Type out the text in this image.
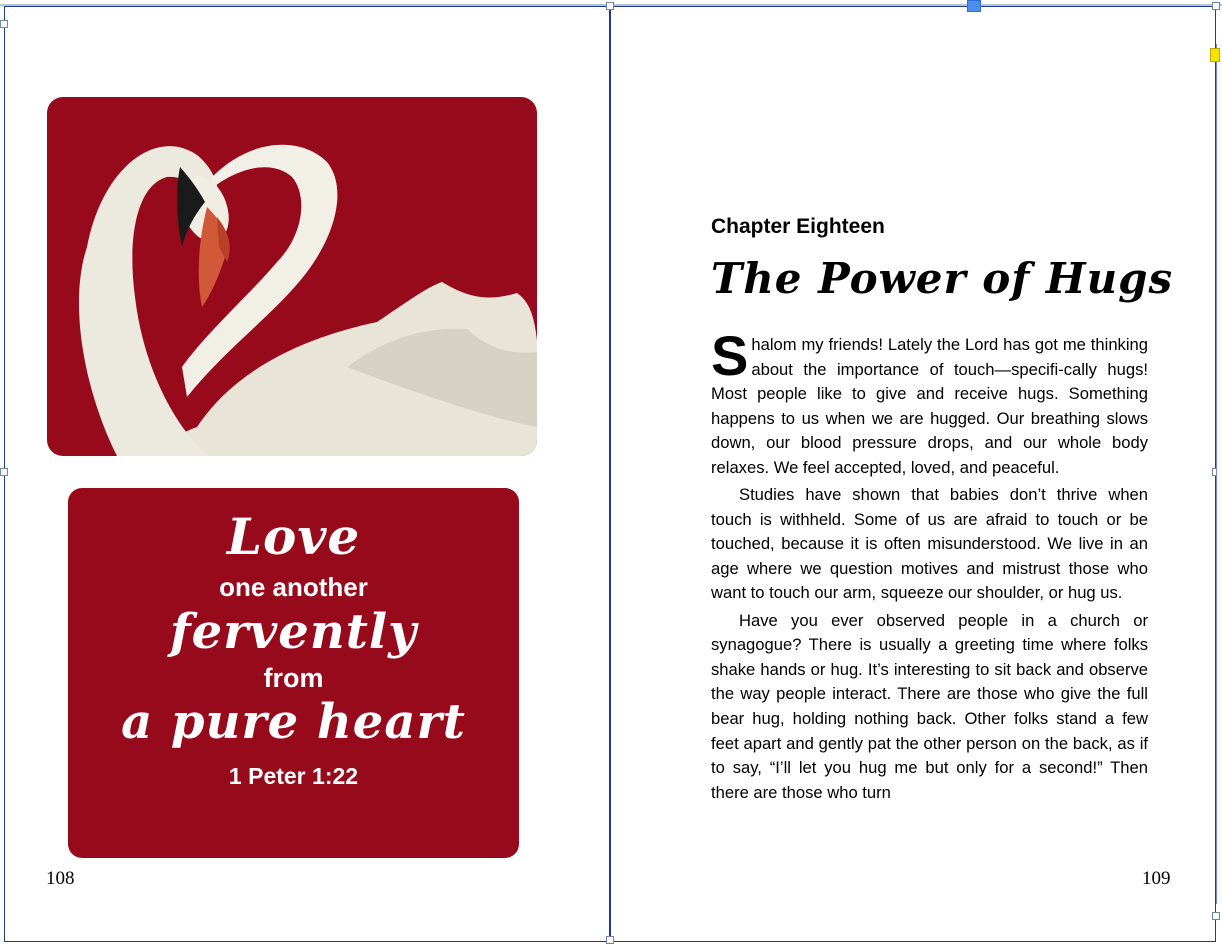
Love
one another
fervently
from
a pure heart
1 Peter 1:22
108
Chapter Eighteen
The Power of Hugs

Shalom my friends! Lately the Lord has got me thinking about the importance of touch—specifi-cally hugs! Most people like to give and receive hugs. Something happens to us when we are hugged. Our breathing slows down, our blood pressure drops, and our whole body relaxes. We feel accepted, loved, and peaceful.

Studies have shown that babies don’t thrive when touch is withheld. Some of us are afraid to touch or be touched, because it is often misunderstood. We live in an age where we question motives and mistrust those who want to touch our arm, squeeze our shoulder, or hug us.

Have you ever observed people in a church or synagogue? There is usually a greeting time where folks shake hands or hug. It’s interesting to sit back and observe the way people interact. There are those who give the full bear hug, holding nothing back. Other folks stand a few feet apart and gently pat the other person on the back, as if to say, “I’ll let you hug me but only for a second!” Then there are those who turn

109
